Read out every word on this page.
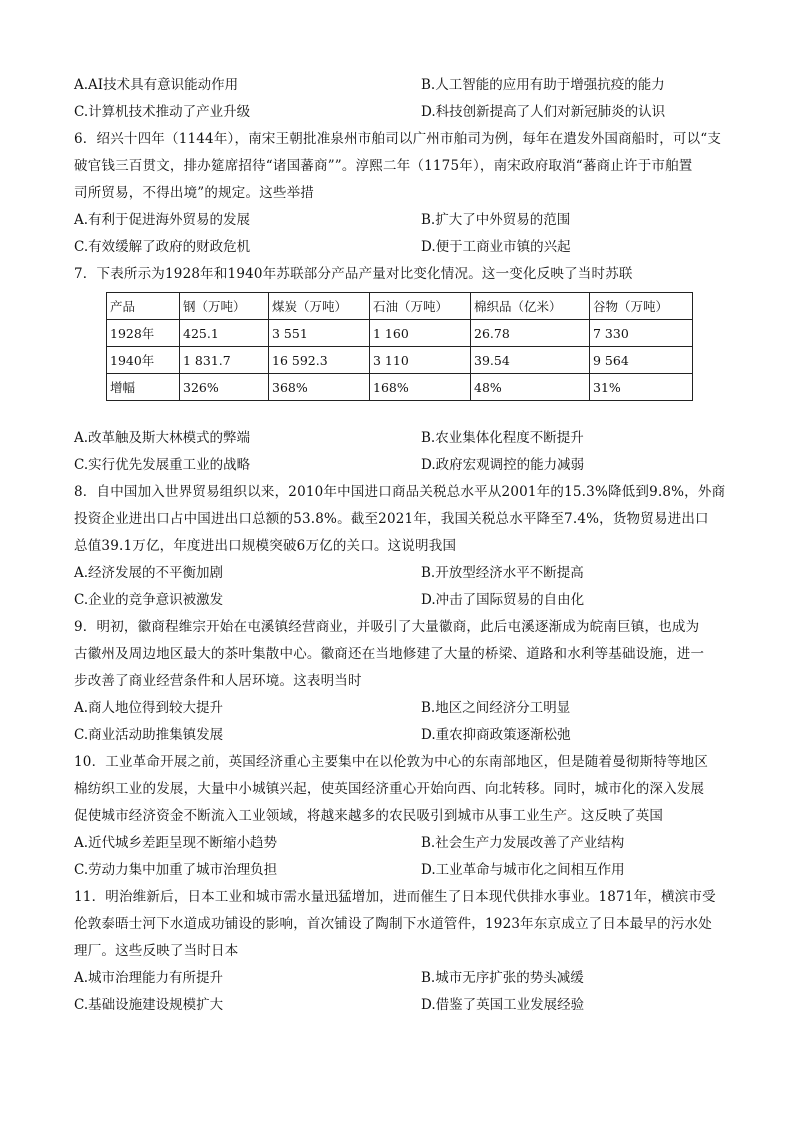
A.AI技术具有意识能动作用	B.人工智能的应用有助于增强抗疫的能力
C.计算机技术推动了产业升级	D.科技创新提高了人们对新冠肺炎的认识
6．绍兴十四年（1144年），南宋王朝批准泉州市舶司以广州市舶司为例，每年在遣发外国商船时，可以“支
破官钱三百贯文，排办筵席招待“诸国蕃商””。淳熙二年（1175年），南宋政府取消“蕃商止许于市舶置
司所贸易，不得出境”的规定。这些举措
A.有利于促进海外贸易的发展	B.扩大了中外贸易的范围
C.有效缓解了政府的财政危机	D.便于工商业市镇的兴起
7．下表所示为1928年和1940年苏联部分产品产量对比变化情况。这一变化反映了当时苏联
产品	钢（万吨）	煤炭（万吨）	石油（万吨）	棉织品（亿米）	谷物（万吨）
1928年	425.1	3 551	1 160	26.78	7 330
1940年	1 831.7	16 592.3	3 110	39.54	9 564
增幅	326%	368%	168%	48%	31%
A.改革触及斯大林模式的弊端	B.农业集体化程度不断提升
C.实行优先发展重工业的战略	D.政府宏观调控的能力减弱
8．自中国加入世界贸易组织以来，2010年中国进口商品关税总水平从2001年的15.3%降低到9.8%，外商
投资企业进出口占中国进出口总额的53.8%。截至2021年，我国关税总水平降至7.4%，货物贸易进出口
总值39.1万亿，年度进出口规模突破6万亿的关口。这说明我国
A.经济发展的不平衡加剧	B.开放型经济水平不断提高
C.企业的竞争意识被激发	D.冲击了国际贸易的自由化
9．明初，徽商程维宗开始在屯溪镇经营商业，并吸引了大量徽商，此后屯溪逐渐成为皖南巨镇，也成为
古徽州及周边地区最大的茶叶集散中心。徽商还在当地修建了大量的桥梁、道路和水利等基础设施，进一
步改善了商业经营条件和人居环境。这表明当时
A.商人地位得到较大提升	B.地区之间经济分工明显
C.商业活动助推集镇发展	D.重农抑商政策逐渐松弛
10．工业革命开展之前，英国经济重心主要集中在以伦敦为中心的东南部地区，但是随着曼彻斯特等地区
棉纺织工业的发展，大量中小城镇兴起，使英国经济重心开始向西、向北转移。同时，城市化的深入发展
促使城市经济资金不断流入工业领域，将越来越多的农民吸引到城市从事工业生产。这反映了英国
A.近代城乡差距呈现不断缩小趋势	B.社会生产力发展改善了产业结构
C.劳动力集中加重了城市治理负担	D.工业革命与城市化之间相互作用
11．明治维新后，日本工业和城市需水量迅猛增加，进而催生了日本现代供排水事业。1871年，横滨市受
伦敦泰晤士河下水道成功铺设的影响，首次铺设了陶制下水道管件，1923年东京成立了日本最早的污水处
理厂。这些反映了当时日本
A.城市治理能力有所提升	B.城市无序扩张的势头减缓
C.基础设施建设规模扩大	D.借鉴了英国工业发展经验
